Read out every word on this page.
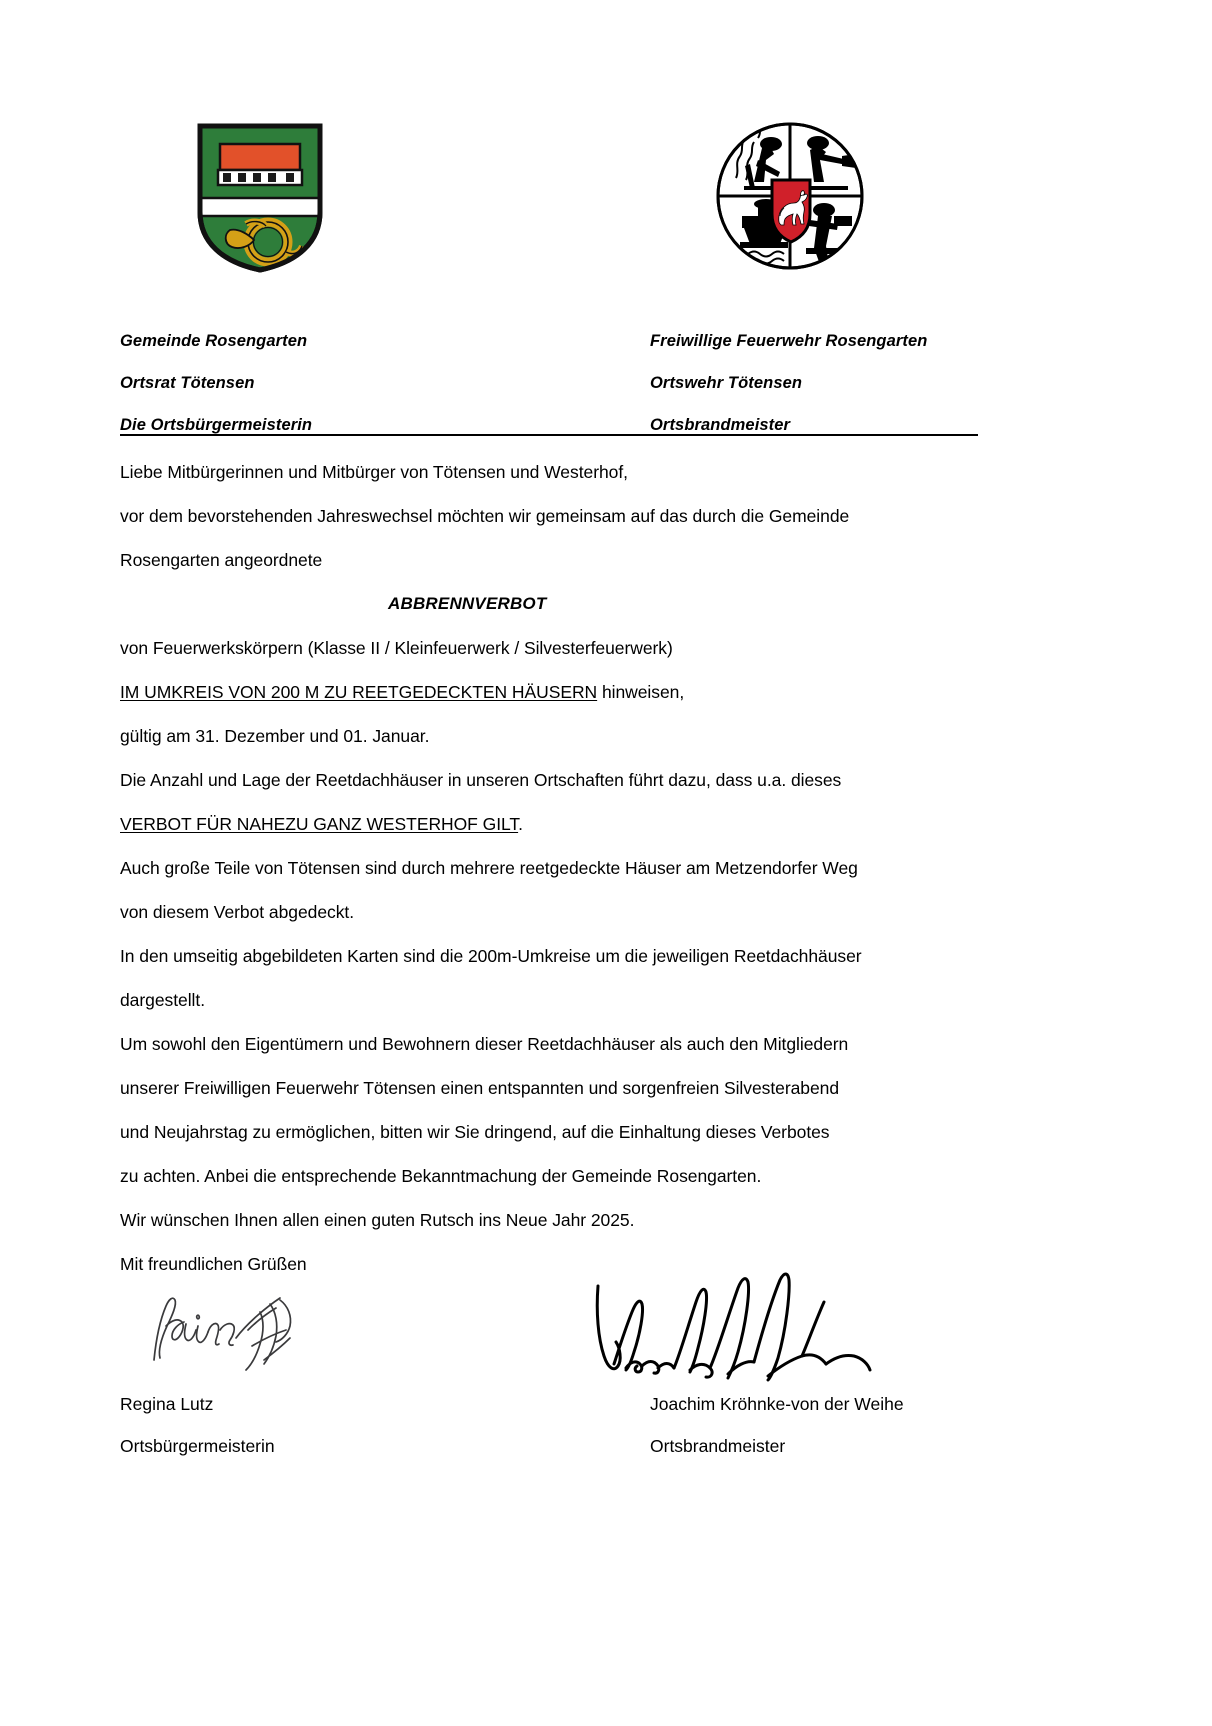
Gemeinde Rosengarten	Freiwillige Feuerwehr Rosengarten
Ortsrat Tötensen	Ortswehr Tötensen
Die Ortsbürgermeisterin	Ortsbrandmeister
Liebe Mitbürgerinnen und Mitbürger von Tötensen und Westerhof,
vor dem bevorstehenden Jahreswechsel möchten wir gemeinsam auf das durch die Gemeinde
Rosengarten angeordnete
ABBRENNVERBOT
von Feuerwerkskörpern (Klasse II / Kleinfeuerwerk / Silvesterfeuerwerk)
IM UMKREIS VON 200 M ZU REETGEDECKTEN HÄUSERN hinweisen,
gültig am 31. Dezember und 01. Januar.
Die Anzahl und Lage der Reetdachhäuser in unseren Ortschaften führt dazu, dass u.a. dieses
VERBOT FÜR NAHEZU GANZ WESTERHOF GILT.
Auch große Teile von Tötensen sind durch mehrere reetgedeckte Häuser am Metzendorfer Weg
von diesem Verbot abgedeckt.
In den umseitig abgebildeten Karten sind die 200m-Umkreise um die jeweiligen Reetdachhäuser
dargestellt.
Um sowohl den Eigentümern und Bewohnern dieser Reetdachhäuser als auch den Mitgliedern
unserer Freiwilligen Feuerwehr Tötensen einen entspannten und sorgenfreien Silvesterabend
und Neujahrstag zu ermöglichen, bitten wir Sie dringend, auf die Einhaltung dieses Verbotes
zu achten. Anbei die entsprechende Bekanntmachung der Gemeinde Rosengarten.
Wir wünschen Ihnen allen einen guten Rutsch ins Neue Jahr 2025.
Mit freundlichen Grüßen
Regina Lutz	Joachim Kröhnke-von der Weihe
Ortsbürgermeisterin	Ortsbrandmeister
